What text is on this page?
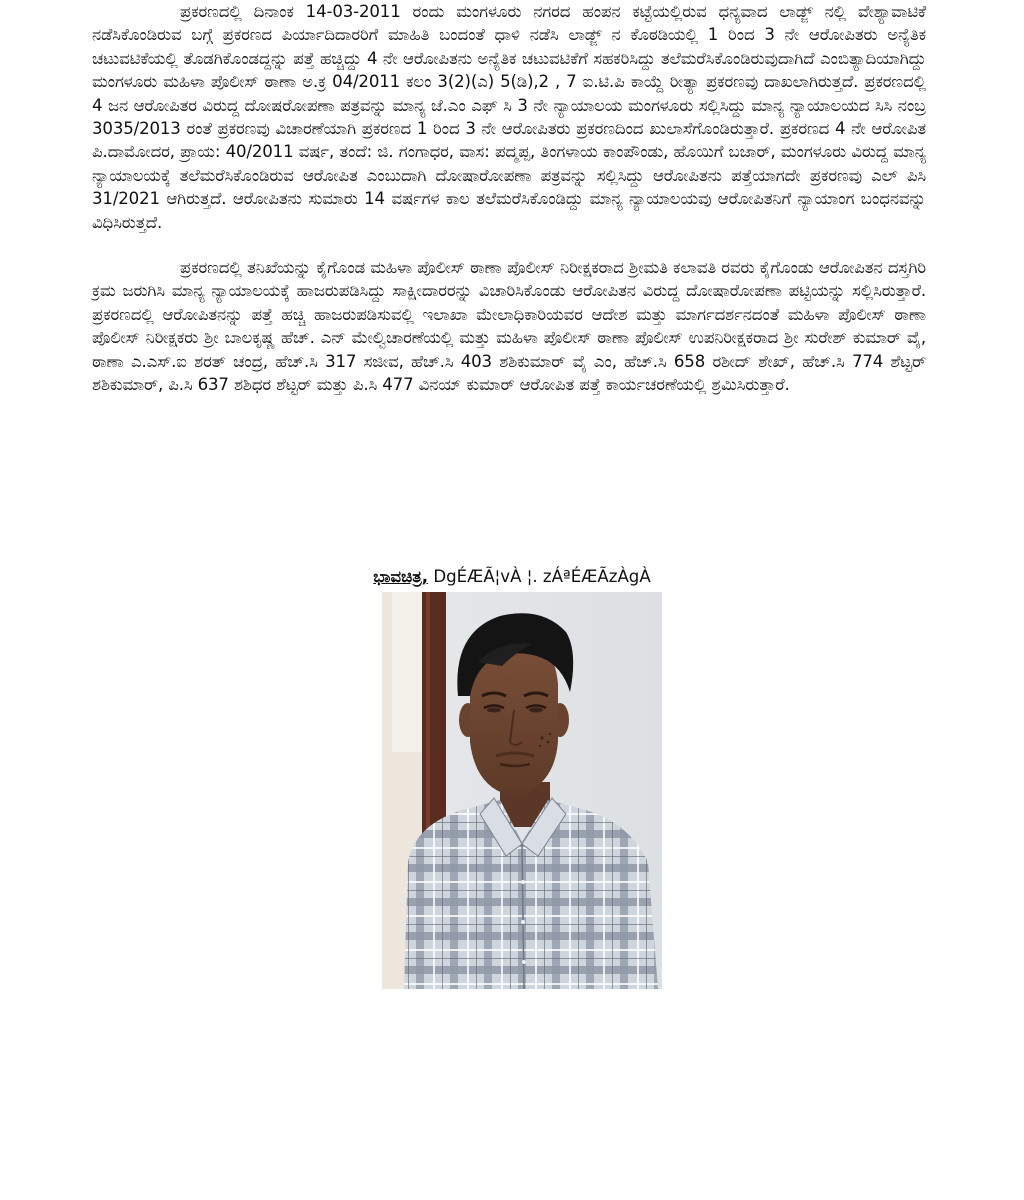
ಪ್ರಕರಣದಲ್ಲಿ ದಿನಾಂಕ 14-03-2011 ರಂದು ಮಂಗಳೂರು ನಗರದ ಹಂಪನ ಕಟ್ಟೆಯಲ್ಲಿರುವ ಧನ್ಯವಾದ ಲಾಡ್ಜ್ ನಲ್ಲಿ ವೇಶ್ಯಾವಾಟಿಕೆ ನಡೆಸಿಕೊಂಡಿರುವ ಬಗ್ಗೆ ಪ್ರಕರಣದ ಪಿರ್ಯಾದಿದಾರರಿಗೆ ಮಾಹಿತಿ ಬಂದಂತೆ ಧಾಳಿ ನಡೆಸಿ ಲಾಡ್ಜ್ ನ ಕೊಠಡಿಯಲ್ಲಿ 1 ರಿಂದ 3 ನೇ ಆರೋಪಿತರು ಅನ್ಯೆತಿಕ ಚಟುವಟಿಕೆಯಲ್ಲಿ ತೊಡಗಿಕೊಂಡದ್ದನ್ನು ಪತ್ತೆ ಹಚ್ಚಿದ್ದು 4 ನೇ ಆರೋಪಿತನು ಅನ್ಯೆತಿಕ ಚಟುವಟಿಕೆಗೆ ಸಹಕರಿಸಿದ್ದು ತಲೆಮರೆಸಿಕೊಂಡಿರುವುದಾಗಿದೆ ಎಂಬಿತ್ಯಾದಿಯಾಗಿದ್ದು ಮಂಗಳೂರು ಮಹಿಳಾ ಪೊಲೀಸ್ ಠಾಣಾ ಅ.ಕ್ರ 04/2011 ಕಲಂ 3(2)(ಎ) 5(ಡಿ),2 , 7 ಐ.ಟಿ.ಪಿ ಕಾಯ್ದೆ ರೀತ್ಯಾ ಪ್ರಕರಣವು ದಾಖಲಾಗಿರುತ್ತದೆ. ಪ್ರಕರಣದಲ್ಲಿ 4 ಜನ ಆರೋಪಿತರ ವಿರುದ್ದ ದೋಷರೋಪಣಾ ಪತ್ರವನ್ನು ಮಾನ್ಯ ಜೆ.ಎಂ ಎಫ್ ಸಿ 3 ನೇ ನ್ಯಾಯಾಲಯ ಮಂಗಳೂರು ಸಲ್ಲಿಸಿದ್ದು ಮಾನ್ಯ ನ್ಯಾಯಾಲಯದ ಸಿಸಿ ನಂಬ್ರ 3035/2013 ರಂತೆ ಪ್ರಕರಣವು ವಿಚಾರಣೆಯಾಗಿ ಪ್ರಕರಣದ 1 ರಿಂದ 3 ನೇ ಆರೋಪಿತರು ಪ್ರಕರಣದಿಂದ ಖುಲಾಸೆಗೊಂಡಿರುತ್ತಾರೆ. ಪ್ರಕರಣದ 4 ನೇ ಆರೋಪಿತ ಪಿ.ದಾಮೋದರ, ಪ್ರಾಯ: 40/2011 ವರ್ಷ, ತಂದೆ: ಜಿ. ಗಂಗಾಧರ, ವಾಸ: ಪದ್ಮಪ್ಪ, ತಿಂಗಳಾಯ ಕಾಂಪೌಂಡು, ಹೊಯಿಗೆ ಬಜಾರ್, ಮಂಗಳೂರು ವಿರುದ್ದ ಮಾನ್ಯ ನ್ಯಾಯಾಲಯಕ್ಕೆ ತಲೆಮರೆಸಿಕೊಂಡಿರುವ ಆರೋಪಿತ ಎಂಬುದಾಗಿ ದೋಷಾರೋಪಣಾ ಪತ್ರವನ್ನು ಸಲ್ಲಿಸಿದ್ದು ಆರೋಪಿತನು ಪತ್ತೆಯಾಗದೇ ಪ್ರಕರಣವು ಎಲ್ ಪಿಸಿ 31/2021 ಆಗಿರುತ್ತದೆ. ಆರೋಪಿತನು ಸುಮಾರು 14 ವರ್ಷಗಳ ಕಾಲ ತಲೆಮರೆಸಿಕೊಂಡಿದ್ದು ಮಾನ್ಯ ನ್ಯಾಯಾಲಯವು ಆರೋಪಿತನಿಗೆ ನ್ಯಾಯಾಂಗ ಬಂಧನವನ್ನು ವಿಧಿಸಿರುತ್ತದೆ.

ಪ್ರಕರಣದಲ್ಲಿ ತನಿಖೆಯನ್ನು ಕೈಗೊಂಡ ಮಹಿಳಾ ಪೊಲೀಸ್ ಠಾಣಾ ಪೊಲೀಸ್ ನಿರೀಕ್ಷಕರಾದ ಶ್ರೀಮತಿ ಕಲಾವತಿ ರವರು ಕೈಗೊಂಡು ಆರೋಪಿತನ ದಸ್ತಗಿರಿ ಕ್ರಮ ಜರುಗಿಸಿ ಮಾನ್ಯ ನ್ಯಾಯಾಲಯಕ್ಕೆ ಹಾಜರುಪಡಿಸಿದ್ದು ಸಾಕ್ಷೀದಾರರನ್ನು ವಿಚಾರಿಸಿಕೊಂಡು ಆರೋಪಿತನ ವಿರುದ್ದ ದೋಷಾರೋಪಣಾ ಪಟ್ಟಿಯನ್ನು ಸಲ್ಲಿಸಿರುತ್ತಾರೆ. ಪ್ರಕರಣದಲ್ಲಿ ಆರೋಪಿತನನ್ನು ಪತ್ತೆ ಹಚ್ಚಿ ಹಾಜರುಪಡಿಸುವಲ್ಲಿ ಇಲಾಖಾ ಮೇಲಾಧಿಕಾರಿಯವರ ಆದೇಶ ಮತ್ತು ಮಾರ್ಗದರ್ಶನದಂತೆ ಮಹಿಳಾ ಪೊಲೀಸ್ ಠಾಣಾ ಪೊಲೀಸ್ ನಿರೀಕ್ಷಕರು ಶ್ರೀ ಬಾಲಕೃಷ್ಣ ಹೆಚ್. ಎನ್ ಮೇಲ್ವಿಚಾರಣೆಯಲ್ಲಿ ಮತ್ತು ಮಹಿಳಾ ಪೊಲೀಸ್ ಠಾಣಾ ಪೊಲೀಸ್ ಉಪನಿರೀಕ್ಷಕರಾದ ಶ್ರೀ ಸುರೇಶ್ ಕುಮಾರ್ ವೈ, ಠಾಣಾ ಎ.ಎಸ್.ಐ ಶರತ್ ಚಂದ್ರ, ಹೆಚ್.ಸಿ 317 ಸಜೀವ, ಹೆಚ್.ಸಿ 403 ಶಶಿಕುಮಾರ್ ವೈ ಎಂ, ಹೆಚ್.ಸಿ 658 ರಶೀದ್ ಶೇಖ್, ಹೆಚ್.ಸಿ 774 ಶೆಟ್ಟರ್ ಶಶಿಕುಮಾರ್, ಪಿ.ಸಿ 637 ಶಶಿಧರ ಶೆಟ್ಟರ್ ಮತ್ತು ಪಿ.ಸಿ 477 ವಿನಯ್ ಕುಮಾರ್ ಆರೋಪಿತ ಪತ್ತೆ ಕಾರ್ಯಚರಣೆಯಲ್ಲಿ ಶ್ರಮಿಸಿರುತ್ತಾರೆ.

ಭಾವಚಿತ್ರ, DgÉÆÃ¦vÀ ¦. zÁªÉÆÃzÀgÀ
